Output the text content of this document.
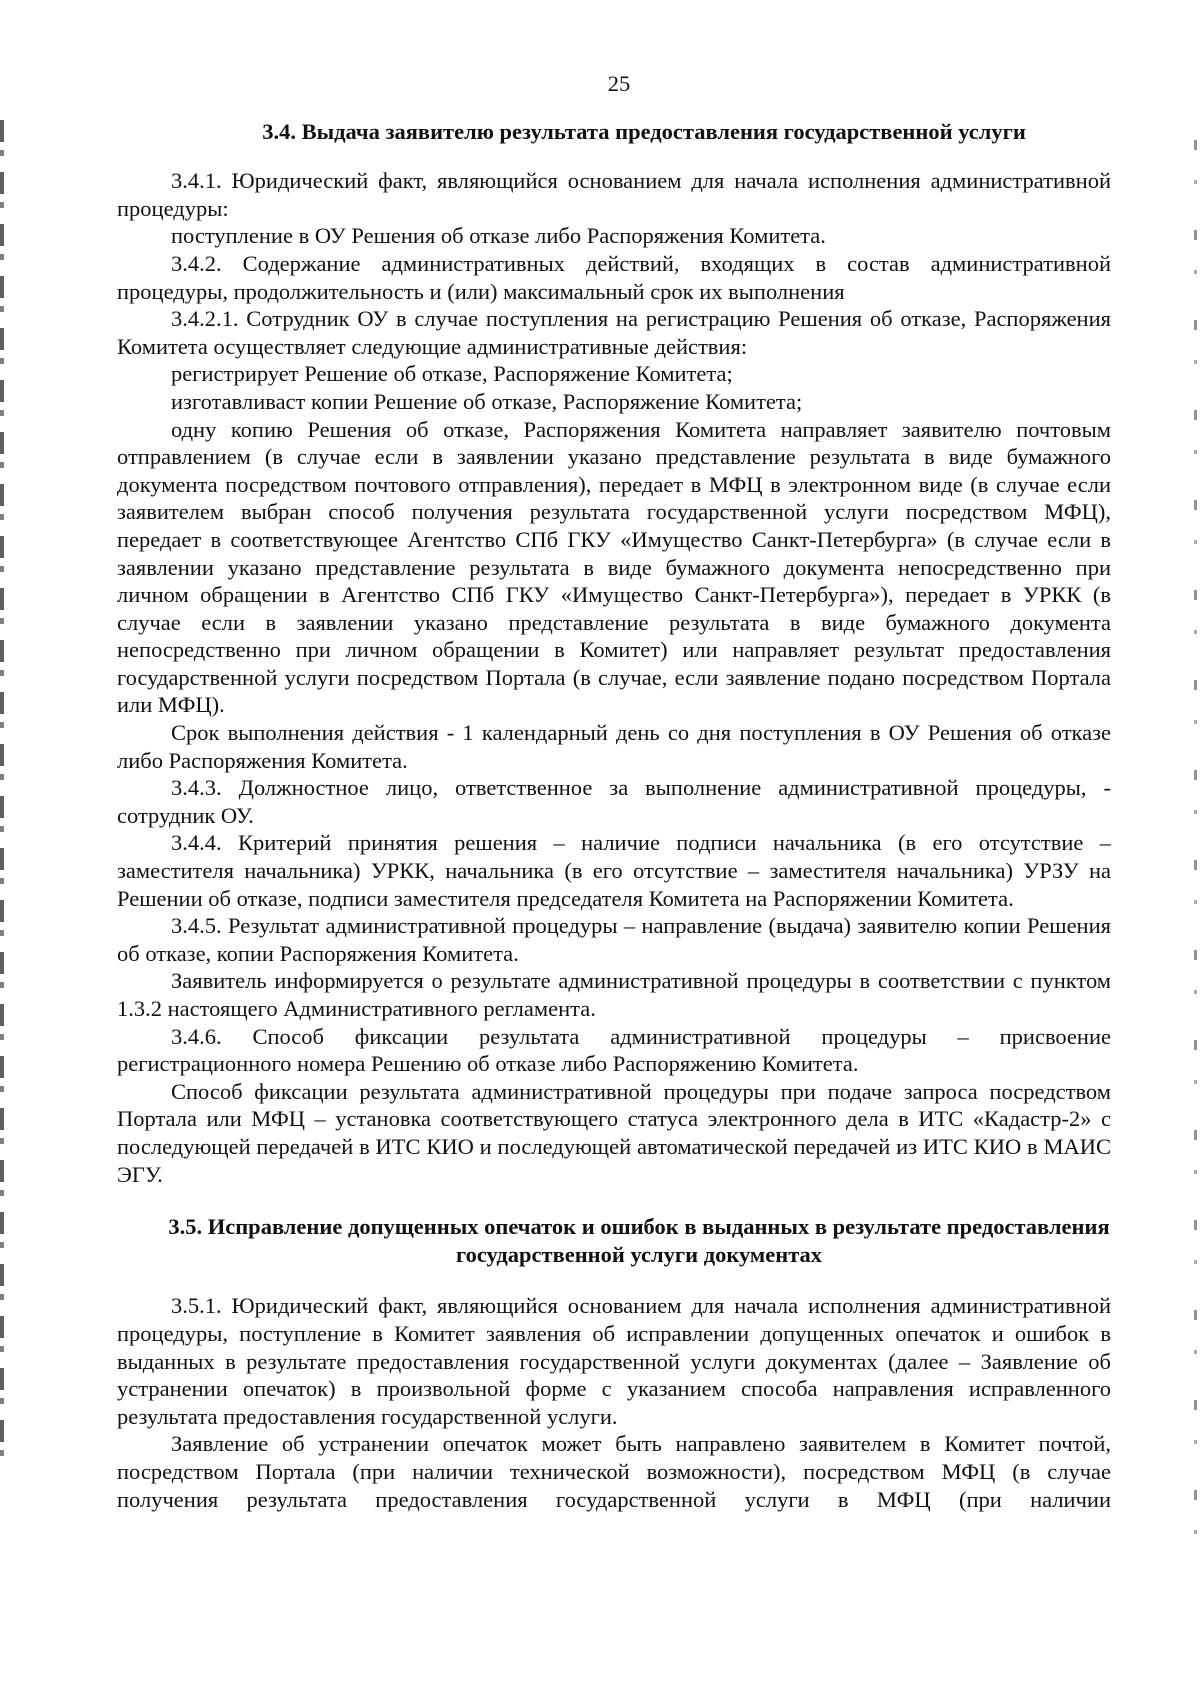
25
3.4. Выдача заявителю результата предоставления государственной услуги

3.4.1. Юридический факт, являющийся основанием для начала исполнения административной процедуры:

поступление в ОУ Решения об отказе либо Распоряжения Комитета.

3.4.2. Содержание административных действий, входящих в состав административной процедуры, продолжительность и (или) максимальный срок их выполнения

3.4.2.1. Сотрудник ОУ в случае поступления на регистрацию Решения об отказе, Распоряжения Комитета осуществляет следующие административные действия:

регистрирует Решение об отказе, Распоряжение Комитета;

изготавливаст копии Решение об отказе, Распоряжение Комитета;

одну копию Решения об отказе, Распоряжения Комитета направляет заявителю почтовым отправлением (в случае если в заявлении указано представление результата в виде бумажного документа посредством почтового отправления), передает в МФЦ в электронном виде (в случае если заявителем выбран способ получения результата государственной услуги посредством МФЦ), передает в соответствующее Агентство СПб ГКУ «Имущество Санкт-Петербурга» (в случае если в заявлении указано представление результата в виде бумажного документа непосредственно при личном обращении в Агентство СПб ГКУ «Имущество Санкт-Петербурга»), передает в УРКК (в случае если в заявлении указано представление результата в виде бумажного документа непосредственно при личном обращении в Комитет) или направляет результат предоставления государственной услуги посредством Портала (в случае, если заявление подано посредством Портала или МФЦ).

Срок выполнения действия - 1 календарный день со дня поступления в ОУ Решения об отказе либо Распоряжения Комитета.

3.4.3. Должностное лицо, ответственное за выполнение административной процедуры, - сотрудник ОУ.

3.4.4. Критерий принятия решения – наличие подписи начальника (в его отсутствие – заместителя начальника) УРКК, начальника (в его отсутствие – заместителя начальника) УРЗУ на Решении об отказе, подписи заместителя председателя Комитета на Распоряжении Комитета.

3.4.5. Результат административной процедуры – направление (выдача) заявителю копии Решения об отказе, копии Распоряжения Комитета.

Заявитель информируется о результате административной процедуры в соответствии с пунктом 1.3.2 настоящего Административного регламента.

3.4.6. Способ фиксации результата административной процедуры – присвоение регистрационного номера Решению об отказе либо Распоряжению Комитета.

Способ фиксации результата административной процедуры при подаче запроса посредством Портала или МФЦ – установка соответствующего статуса электронного дела в ИТС «Кадастр-2» с последующей передачей в ИТС КИО и последующей автоматической передачей из ИТС КИО в МАИС ЭГУ.

3.5. Исправление допущенных опечаток и ошибок в выданных в результате предоставления государственной услуги документах

3.5.1. Юридический факт, являющийся основанием для начала исполнения административной процедуры, поступление в Комитет заявления об исправлении допущенных опечаток и ошибок в выданных в результате предоставления государственной услуги документах (далее – Заявление об устранении опечаток) в произвольной форме с указанием способа направления исправленного результата предоставления государственной услуги.

Заявление об устранении опечаток может быть направлено заявителем в Комитет почтой, посредством Портала (при наличии технической возможности), посредством МФЦ (в случае получения результата предоставления государственной услуги в МФЦ (при наличии
